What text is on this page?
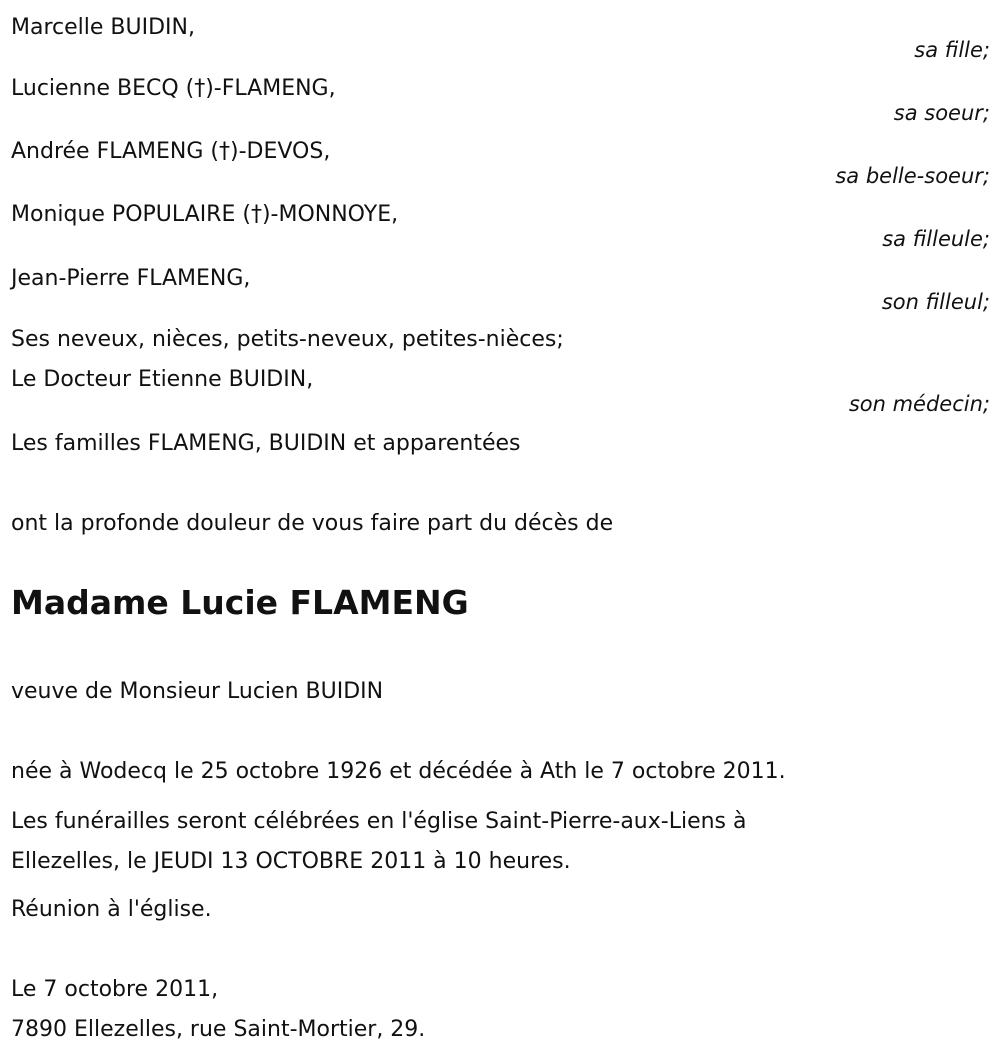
Marcelle BUIDIN,
sa fille;
Lucienne BECQ (†)-FLAMENG,
sa soeur;
Andrée FLAMENG (†)-DEVOS,
sa belle-soeur;
Monique POPULAIRE (†)-MONNOYE,
sa filleule;
Jean-Pierre FLAMENG,
son filleul;
Ses neveux, nièces, petits-neveux, petites-nièces;
Le Docteur Etienne BUIDIN,
son médecin;
Les familles FLAMENG, BUIDIN et apparentées
ont la profonde douleur de vous faire part du décès de
Madame Lucie FLAMENG
veuve de Monsieur Lucien BUIDIN
née à Wodecq le 25 octobre 1926 et décédée à Ath le 7 octobre 2011.
Les funérailles seront célébrées en l'église Saint-Pierre-aux-Liens à
Ellezelles, le JEUDI 13 OCTOBRE 2011 à 10 heures.
Réunion à l'église.
Le 7 octobre 2011,
7890 Ellezelles, rue Saint-Mortier, 29.
